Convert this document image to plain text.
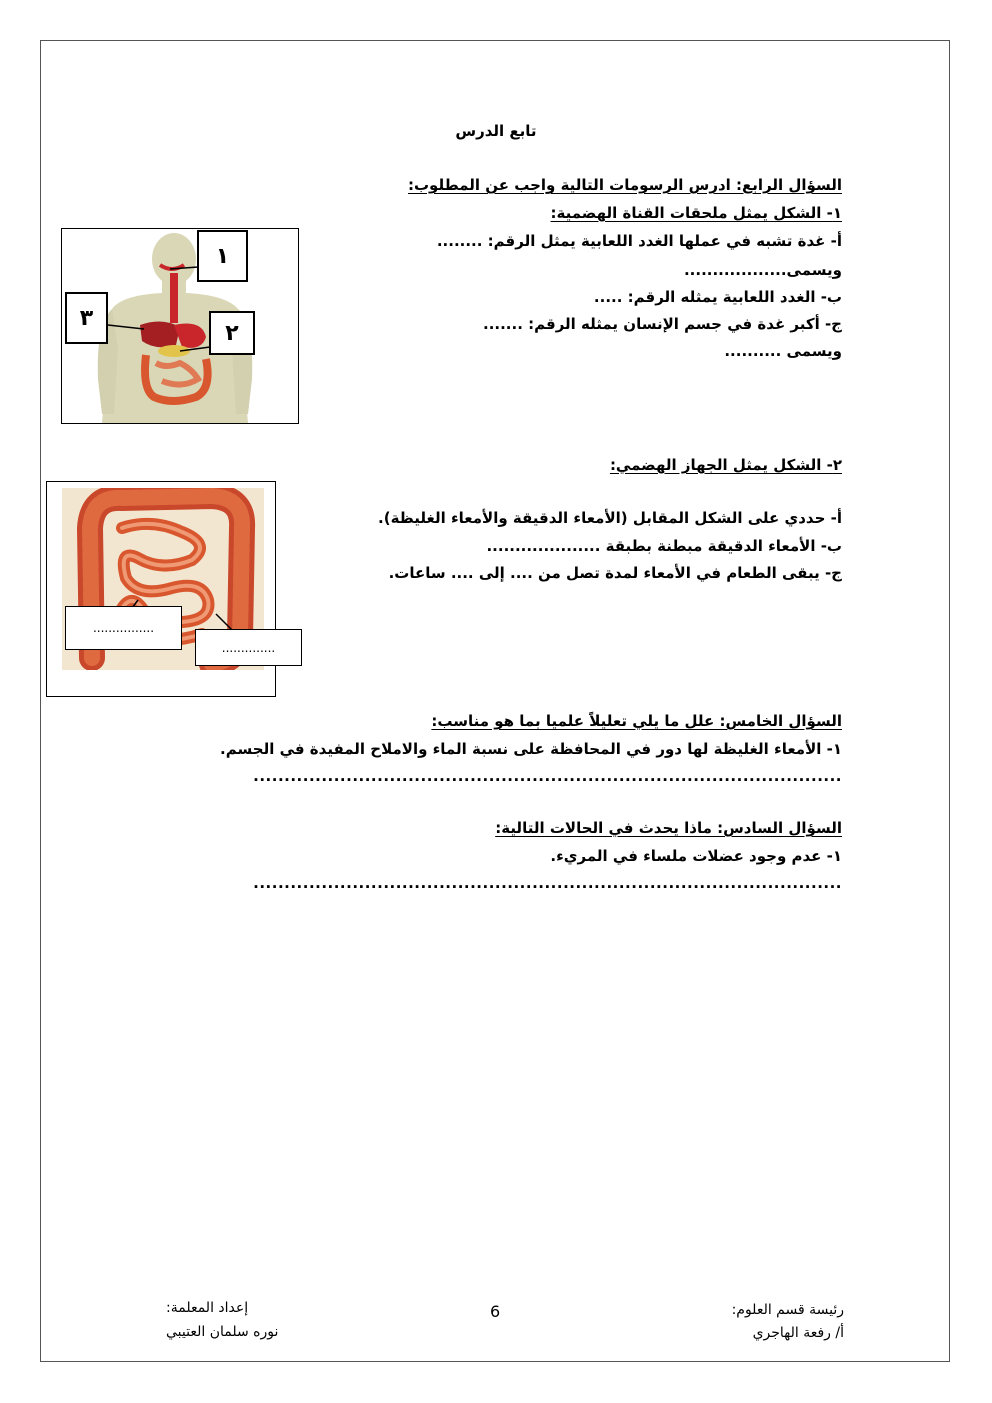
تابع الدرس
السؤال الرابع: ادرس الرسومات التالية واجب عن المطلوب:
١- الشكل يمثل ملحقات القناة الهضمية:
أ- غدة تشبه في عملها الغدد اللعابية يمثل الرقم: ........
ويسمى..................
ب- الغدد اللعابية يمثله الرقم: .....
ج- أكبر غدة في جسم الإنسان يمثله الرقم: .......
ويسمى ..........
١
٣
٢
٢- الشكل يمثل الجهاز الهضمي:
أ- حددي على الشكل المقابل (الأمعاء الدقيقة والأمعاء الغليظة).
ب- الأمعاء الدقيقة مبطنة بطبقة ....................
ج- يبقى الطعام في الأمعاء لمدة تصل من .... إلى .... ساعات.
................
..............
السؤال الخامس: علل ما يلي تعليلاً علميا بما هو مناسب:
١- الأمعاء الغليظة لها دور في المحافظة على نسبة الماء والاملاح المفيدة في الجسم.
...............................................................................................
السؤال السادس: ماذا يحدث في الحالات التالية:
١- عدم وجود عضلات ملساء في المريء.
...............................................................................................
6	رئيسة قسم العلوم:
أ/ رفعة الهاجري
إعداد المعلمة:
نوره سلمان العتيبي
